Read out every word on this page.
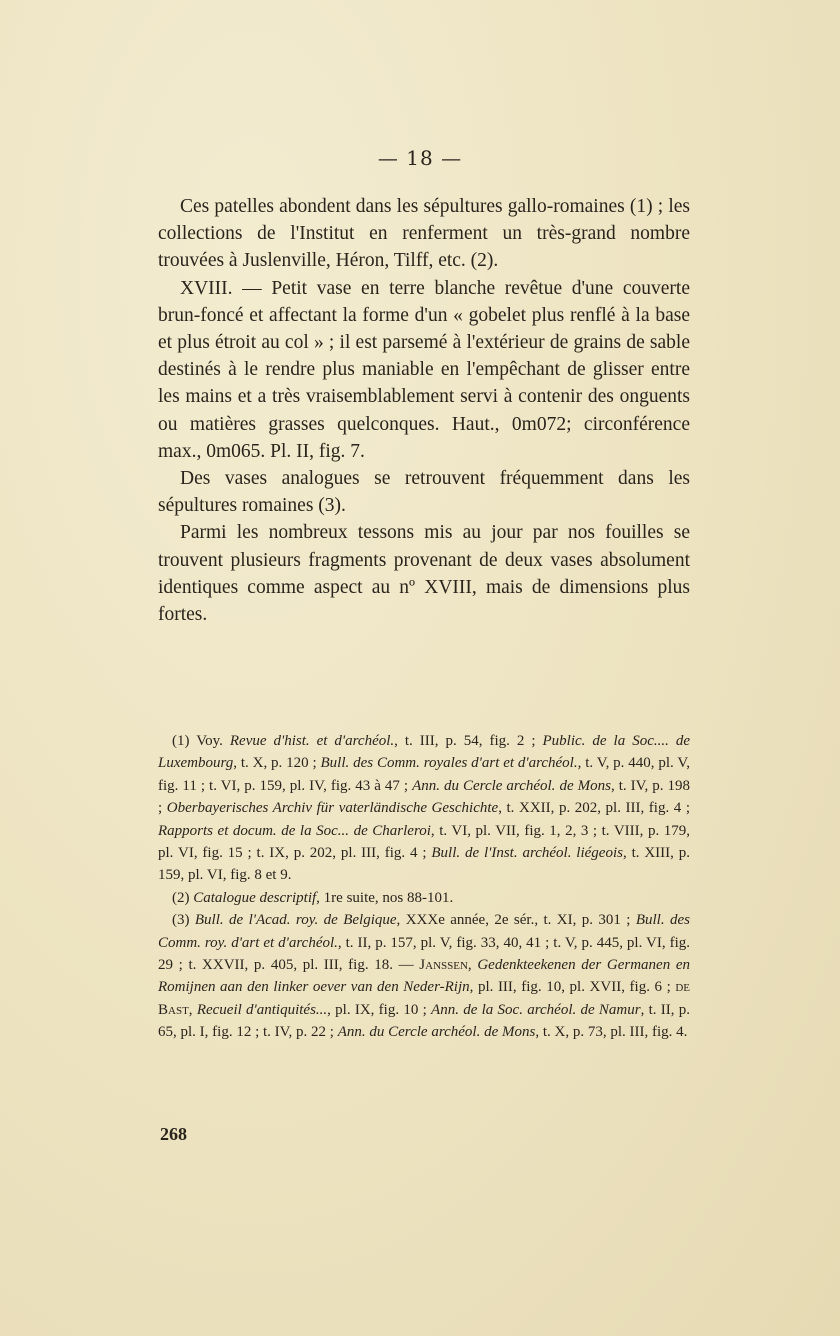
— 18 —

Ces patelles abondent dans les sépultures gallo-romaines (1) ; les collections de l'Institut en renferment un très-grand nombre trouvées à Juslenville, Héron, Tilff, etc. (2).

XVIII. — Petit vase en terre blanche revêtue d'une couverte brun-foncé et affectant la forme d'un « gobelet plus renflé à la base et plus étroit au col » ; il est parsemé à l'extérieur de grains de sable destinés à le rendre plus maniable en l'empêchant de glisser entre les mains et a très vraisemblablement servi à contenir des onguents ou matières grasses quelconques. Haut., 0m072; circonférence max., 0m065. Pl. II, fig. 7.

Des vases analogues se retrouvent fréquemment dans les sépultures romaines (3).

Parmi les nombreux tessons mis au jour par nos fouilles se trouvent plusieurs fragments provenant de deux vases absolument identiques comme aspect au nº XVIII, mais de dimensions plus fortes.

(1) Voy. Revue d'hist. et d'archéol., t. III, p. 54, fig. 2 ; Public. de la Soc.... de Luxembourg, t. X, p. 120 ; Bull. des Comm. royales d'art et d'archéol., t. V, p. 440, pl. V, fig. 11 ; t. VI, p. 159, pl. IV, fig. 43 à 47 ; Ann. du Cercle archéol. de Mons, t. IV, p. 198 ; Oberbayerisches Archiv für vaterländische Geschichte, t. XXII, p. 202, pl. III, fig. 4 ; Rapports et docum. de la Soc... de Charleroi, t. VI, pl. VII, fig. 1, 2, 3 ; t. VIII, p. 179, pl. VI, fig. 15 ; t. IX, p. 202, pl. III, fig. 4 ; Bull. de l'Inst. archéol. liégeois, t. XIII, p. 159, pl. VI, fig. 8 et 9.

(2) Catalogue descriptif, 1re suite, nos 88-101.

(3) Bull. de l'Acad. roy. de Belgique, XXXe année, 2e sér., t. XI, p. 301 ; Bull. des Comm. roy. d'art et d'archéol., t. II, p. 157, pl. V, fig. 33, 40, 41 ; t. V, p. 445, pl. VI, fig. 29 ; t. XXVII, p. 405, pl. III, fig. 18. — Janssen, Gedenkteekenen der Germanen en Romijnen aan den linker oever van den Neder-Rijn, pl. III, fig. 10, pl. XVII, fig. 6 ; de Bast, Recueil d'antiquités..., pl. IX, fig. 10 ; Ann. de la Soc. archéol. de Namur, t. II, p. 65, pl. I, fig. 12 ; t. IV, p. 22 ; Ann. du Cercle archéol. de Mons, t. X, p. 73, pl. III, fig. 4.

268
